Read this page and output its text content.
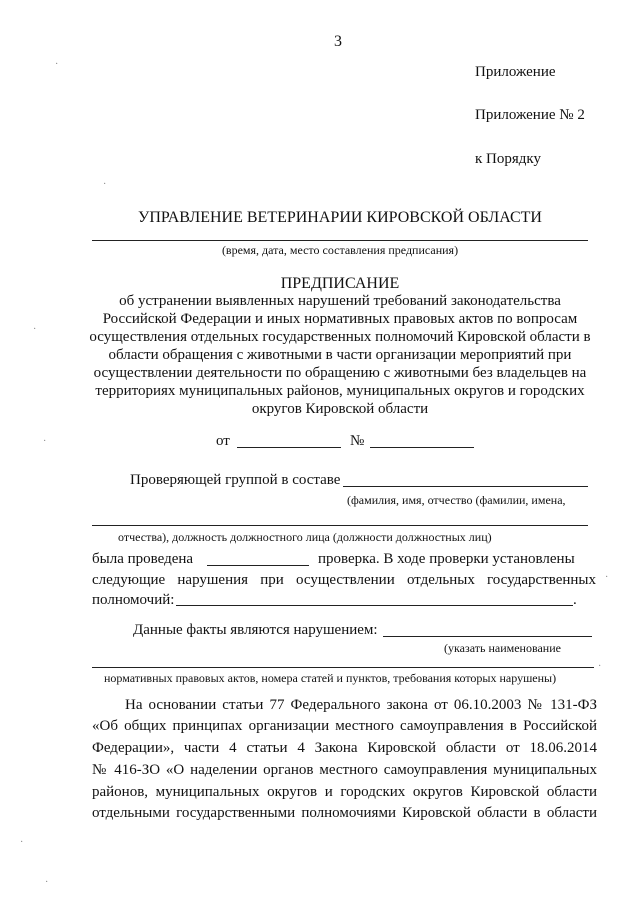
3
Приложение
Приложение № 2
к Порядку
УПРАВЛЕНИЕ ВЕТЕРИНАРИИ КИРОВСКОЙ ОБЛАСТИ
(время, дата, место составления предписания)
ПРЕДПИСАНИЕ
об устранении выявленных нарушений требований законодательства
Российской Федерации и иных нормативных правовых актов по вопросам
осуществления отдельных государственных полномочий Кировской области в
области обращения с животными в части организации мероприятий при
осуществлении деятельности по обращению с животными без владельцев на
территориях муниципальных районов, муниципальных округов и городских
округов Кировской области
от	№
Проверяющей группой в составе
(фамилия, имя, отчество (фамилии, имена,
отчества), должность должностного лица (должности должностных лиц)
была проведена	проверка. В ходе проверки установлены
следующие нарушения при осуществлении отдельных государственных
полномочий:	.
Данные факты являются нарушением:
(указать наименование
нормативных правовых актов, номера статей и пунктов, требования которых нарушены)
На основании статьи 77 Федерального закона от 06.10.2003 № 131-ФЗ
«Об общих принципах организации местного самоуправления в Российской
Федерации», части 4 статьи 4 Закона Кировской области от 18.06.2014
№ 416-ЗО «О наделении органов местного самоуправления муниципальных
районов, муниципальных округов и городских округов Кировской области
отдельными государственными полномочиями Кировской области в области
·
·
·
·
·
·
·
·
